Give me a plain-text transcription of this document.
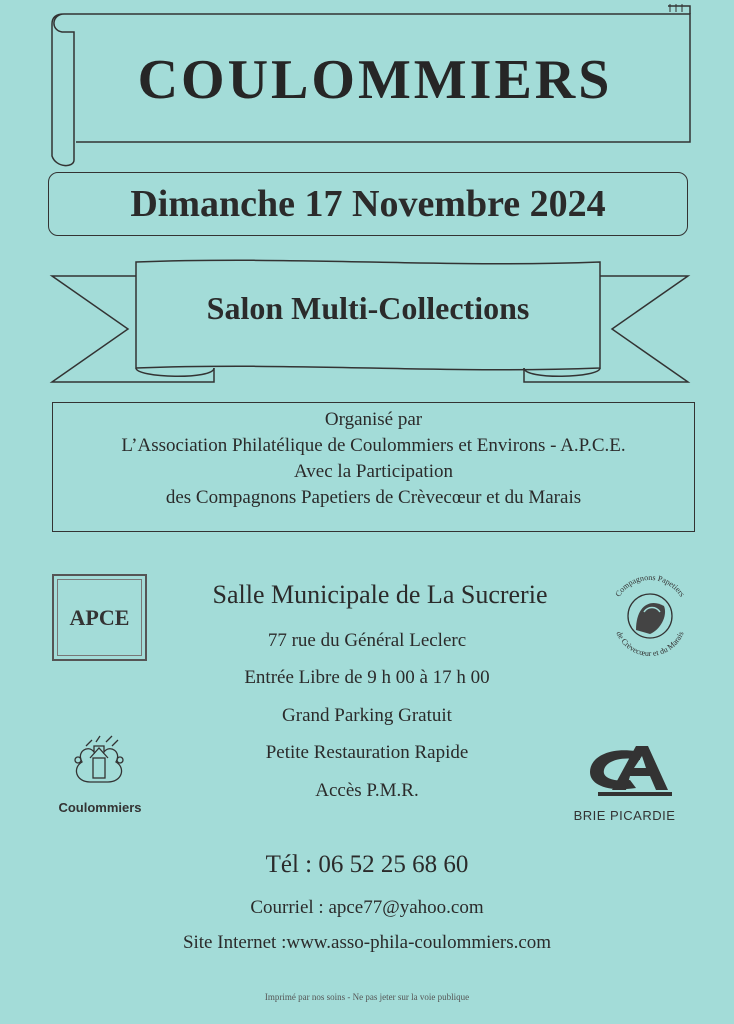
Compagnons Papetiers
de Crèvecœur et du Marais
COULOMMIERS
Dimanche 17 Novembre 2024
Salon Multi-Collections
Organisé par
L’Association Philatélique de Coulommiers et Environs - A.P.C.E.
Avec la Participation
des Compagnons Papetiers de Crèvecœur et du Marais
APCE
Salle Municipale de La Sucrerie
77 rue du Général Leclerc
Entrée Libre de 9 h 00 à 17 h 00
Grand Parking Gratuit
Petite Restauration Rapide
Accès P.M.R.
Coulommiers
BRIE PICARDIE
Tél : 06 52 25 68 60
Courriel : apce77@yahoo.com
Site Internet :www.asso-phila-coulommiers.com
Imprimé par nos soins - Ne pas jeter sur la voie publique
